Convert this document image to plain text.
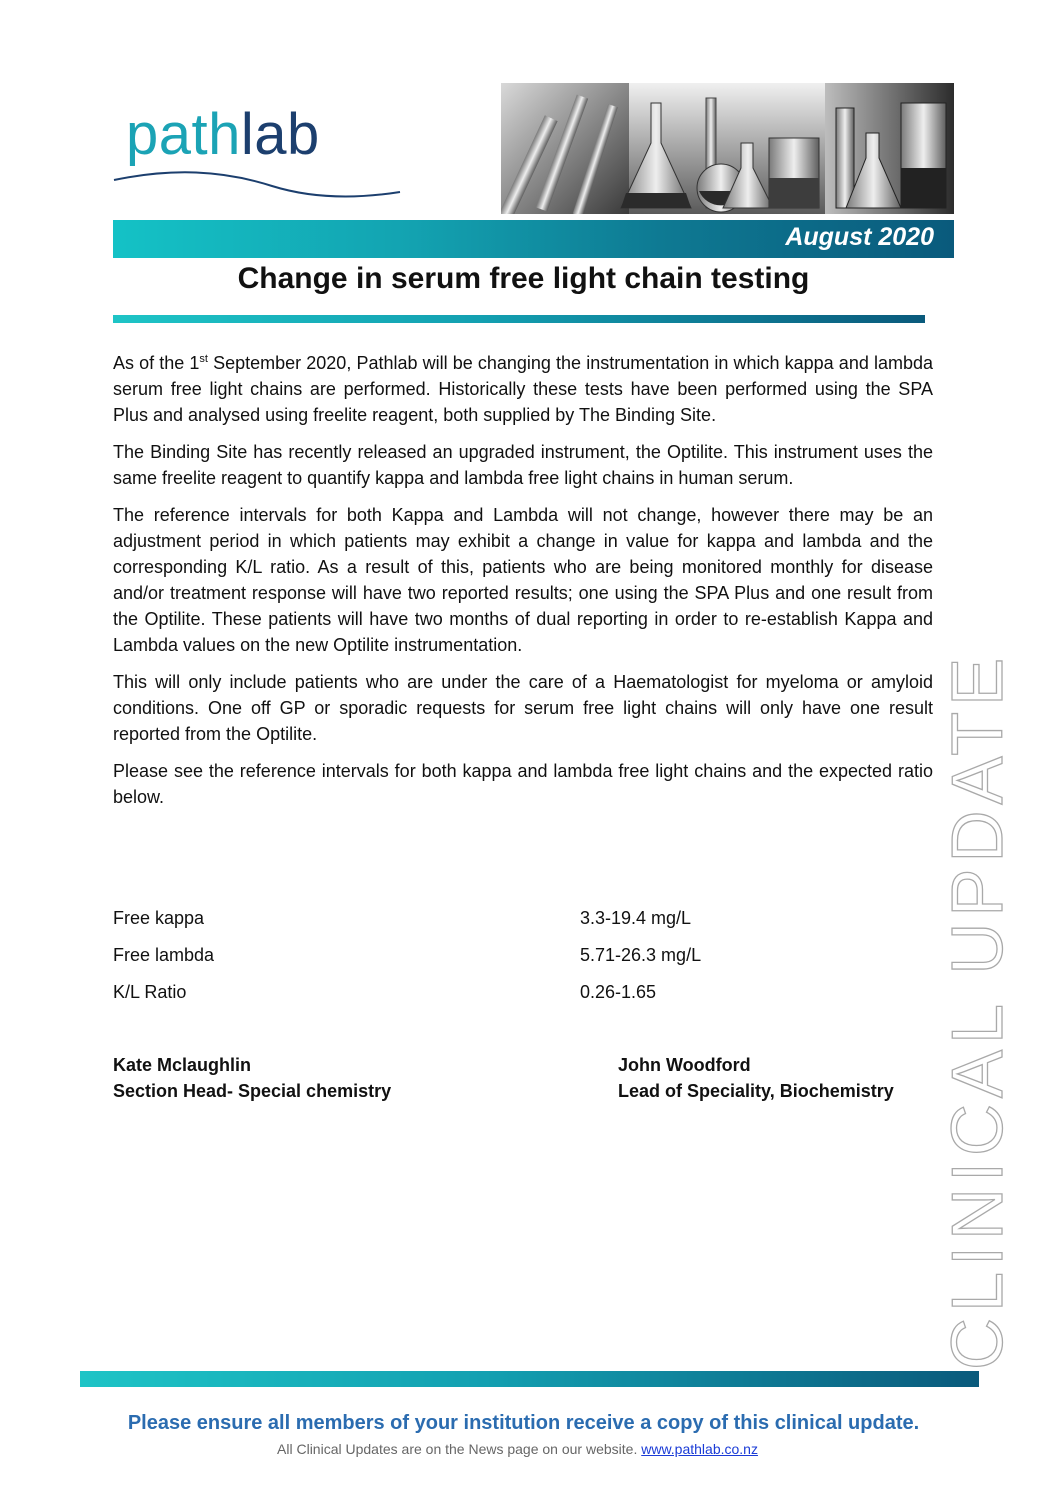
pathlab
August 2020
Change in serum free light chain testing

As of the 1st September 2020, Pathlab will be changing the instrumentation in which kappa and lambda serum free light chains are performed. Historically these tests have been performed using the SPA Plus and analysed using freelite reagent, both supplied by The Binding Site.

The Binding Site has recently released an upgraded instrument, the Optilite. This instrument uses the same freelite reagent to quantify kappa and lambda free light chains in human serum.

The reference intervals for both Kappa and Lambda will not change, however there may be an adjustment period in which patients may exhibit a change in value for kappa and lambda and the corresponding K/L ratio. As a result of this, patients who are being monitored monthly for disease and/or treatment response will have two reported results; one using the SPA Plus and one result from the Optilite. These patients will have two months of dual reporting in order to re-establish Kappa and Lambda values on the new Optilite instrumentation.

This will only include patients who are under the care of a Haematologist for myeloma or amyloid conditions. One off GP or sporadic requests for serum free light chains will only have one result reported from the Optilite.

Please see the reference intervals for both kappa and lambda free light chains and the expected ratio below.

Free kappa	3.3-19.4 mg/L
Free lambda	5.71-26.3 mg/L
K/L Ratio	0.26-1.65
Kate Mclaughlin
Section Head- Special chemistry
John Woodford
Lead of Speciality, Biochemistry CLINICAL UPDATE
Please ensure all members of your institution receive a copy of this clinical update.
All Clinical Updates are on the News page on our website. www.pathlab.co.nz
